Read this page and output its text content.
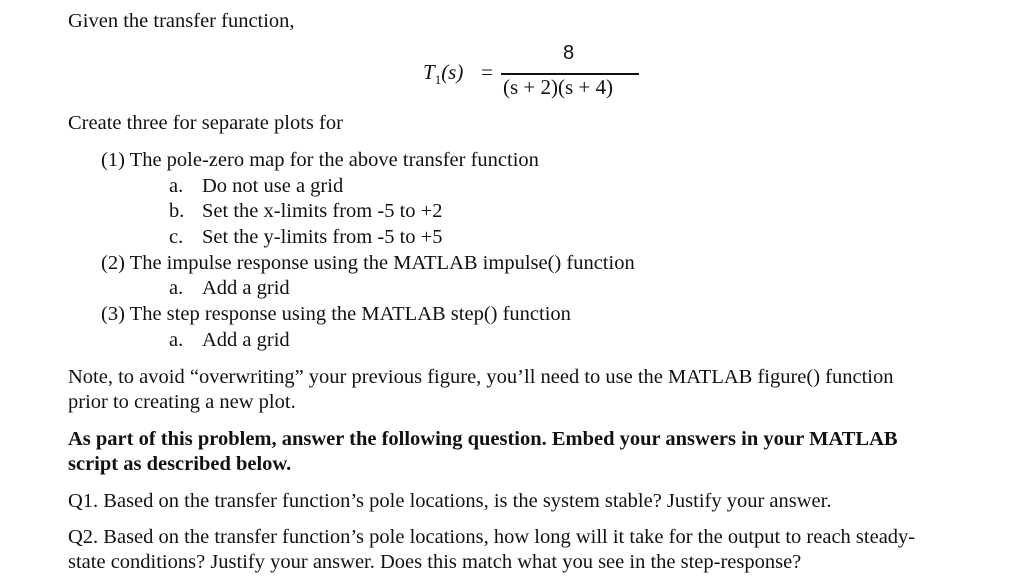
Given the transfer function,
$T_1(s)$ =
8
(s + 2)(s + 4)
Create three for separate plots for
(1) The pole-zero map for the above transfer function
a. Do not use a grid
b. Set the x-limits from -5 to +2
c. Set the y-limits from -5 to +5
(2) The impulse response using the MATLAB impulse() function
a. Add a grid
(3) The step response using the MATLAB step() function
a. Add a grid
Note, to avoid “overwriting” your previous figure, you’ll need to use the MATLAB figure() function
prior to creating a new plot.
As part of this problem, answer the following question. Embed your answers in your MATLAB
script as described below.
Q1. Based on the transfer function’s pole locations, is the system stable? Justify your answer.
Q2. Based on the transfer function’s pole locations, how long will it take for the output to reach steady-
state conditions? Justify your answer. Does this match what you see in the step-response?
